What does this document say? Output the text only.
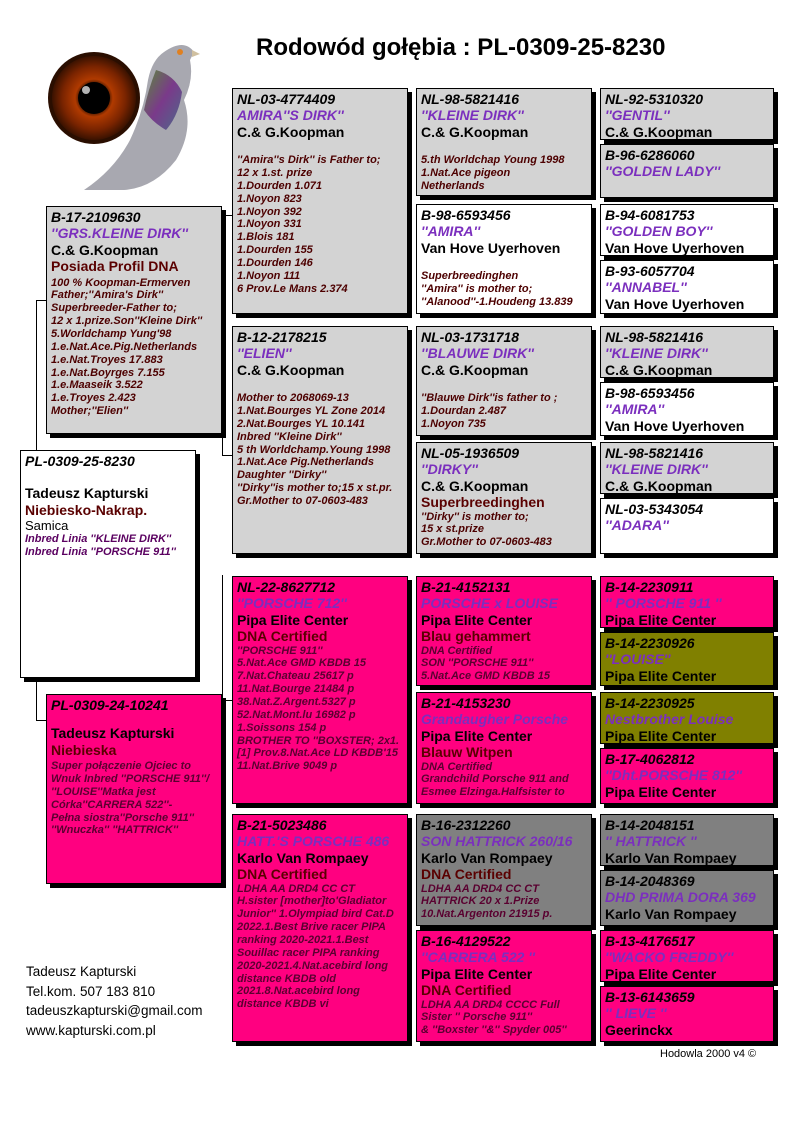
Rodowód gołębia : PL-0309-25-8230
PL-0309-25-8230
Tadeusz Kapturski
Niebiesko-Nakrap.
Samica
Inbred Linia ''KLEINE DIRK''
Inbred Linia ''PORSCHE 911''
B-17-2109630
''GRS.KLEINE DIRK''
C.& G.Koopman
Posiada Profil DNA
100 % Koopman-Ermerven
Father;''Amira's Dirk''
Superbreeder-Father to;
12 x 1.prize.Son''Kleine Dirk''
5.Worldchamp Yung'98
1.e.Nat.Ace.Pig.Netherlands
1.e.Nat.Troyes 17.883
1.e.Nat.Boyrges 7.155
1.e.Maaseik 3.522
1.e.Troyes 2.423
Mother;''Elien''
PL-0309-24-10241
Tadeusz Kapturski
Niebieska
Super połączenie Ojciec to Wnuk Inbred ''PORSCHE 911''/ ''LOUISE''Matka jest Córka''CARRERA 522''-
Pełna siostra''Porsche 911''
''Wnuczka'' ''HATTRICK''
NL-03-4774409
AMIRA''S DIRK''
C.& G.Koopman
''Amira''s Dirk'' is Father to;
12 x 1.st. prize
1.Dourden 1.071
1.Noyon 823
1.Noyon 392
1.Noyon 331
1.Blois 181
1.Dourden 155
1.Dourden 146
1.Noyon 111
6 Prov.Le Mans 2.374
B-12-2178215
''ELIEN''
C.& G.Koopman
Mother to 2068069-13
1.Nat.Bourges YL Zone 2014
2.Nat.Bourges YL 10.141
Inbred ''Kleine Dirk''
5 th Worldchamp.Young 1998
1.Nat.Ace Pig.Netherlands
Daughter ''Dirky''
''Dirky''is mother to;15 x st.pr.
Gr.Mother to 07-0603-483
NL-22-8627712
''PORSCHE 712''
Pipa Elite Center
DNA Certified
''PORSCHE 911''
5.Nat.Ace GMD KBDB 15
7.Nat.Chateau 25617 p
11.Nat.Bourge 21484 p
38.Nat.Z.Argent.5327 p
52.Nat.Mont.lu 16982 p
1.Soissons 154 p
BROTHER TO ''BOXSTER; 2x1.[1] Prov.8.Nat.Ace LD KBDB'15
11.Nat.Brive 9049 p
B-21-5023486
HATT.'S PORSCHE 486
Karlo Van Rompaey
DNA Certified
LDHA AA DRD4 CC CT
H.sister [mother]to'Gladiator Junior'' 1.Olympiad bird Cat.D
2022.1.Best Brive racer PIPA ranking 2020-2021.1.Best Souillac racer PIPA ranking 2020-2021.4.Nat.acebird long distance KBDB old
2021.8.Nat.acebird long distance KBDB vi
NL-98-5821416
''KLEINE DIRK''
C.& G.Koopman
5.th Worldchap Young 1998
1.Nat.Ace pigeon
Netherlands
B-98-6593456
''AMIRA''
Van Hove Uyerhoven
Superbreedinghen
''Amira'' is mother to;
''Alanood''-1.Houdeng 13.839
NL-03-1731718
''BLAUWE DIRK''
C.& G.Koopman
''Blauwe Dirk''is father to ;
1.Dourdan 2.487
1.Noyon 735
NL-05-1936509
''DIRKY''
C.& G.Koopman
Superbreedinghen
''Dirky'' is mother to;
15 x st.prize
Gr.Mother to 07-0603-483
B-21-4152131
PORSCHE x LOUISE
Pipa Elite Center
Blau gehammert
DNA Certified
SON ''PORSCHE 911''
5.Nat.Ace GMD KBDB 15
B-21-4153230
Grandaugher Porsche
Pipa Elite Center
Blauw Witpen
DNA Certified
Grandchild Porsche 911 and Esmee Elzinga.Halfsister to
B-16-2312260
SON HATTRICK 260/16
Karlo Van Rompaey
DNA Certified
LDHA AA DRD4 CC CT
HATTRICK 20 x 1.Prize
10.Nat.Argenton 21915 p.
B-16-4129522
''CARRERA 522 ''
Pipa Elite Center
DNA Certified
LDHA AA DRD4 CCCC Full Sister '' Porsche 911''
& ''Boxster ''&'' Spyder 005''
NL-92-5310320
''GENTIL''
C.& G.Koopman
B-96-6286060
''GOLDEN LADY''
B-94-6081753
''GOLDEN BOY''
Van Hove Uyerhoven
B-93-6057704
''ANNABEL''
Van Hove Uyerhoven
NL-98-5821416
''KLEINE DIRK''
C.& G.Koopman
B-98-6593456
''AMIRA''
Van Hove Uyerhoven
NL-98-5821416
''KLEINE DIRK''
C.& G.Koopman
NL-03-5343054
''ADARA''
B-14-2230911
'' PORSCHE 911 ''
Pipa Elite Center
B-14-2230926
''LOUISE''
Pipa Elite Center
B-14-2230925
Nestbrother Louise
Pipa Elite Center
B-17-4062812
''Dht.PORSCHE 812''
Pipa Elite Center
B-14-2048151
'' HATTRICK ''
Karlo Van Rompaey
B-14-2048369
DHD PRIMA DORA 369
Karlo Van Rompaey
B-13-4176517
''WACKO FREDDY''
Pipa Elite Center
B-13-6143659
'' LIEVE ''
Geerinckx
Tadeusz Kapturski
Tel.kom. 507 183 810
tadeuszkapturski@gmail.com
www.kapturski.com.pl
Hodowla 2000 v4 ©
